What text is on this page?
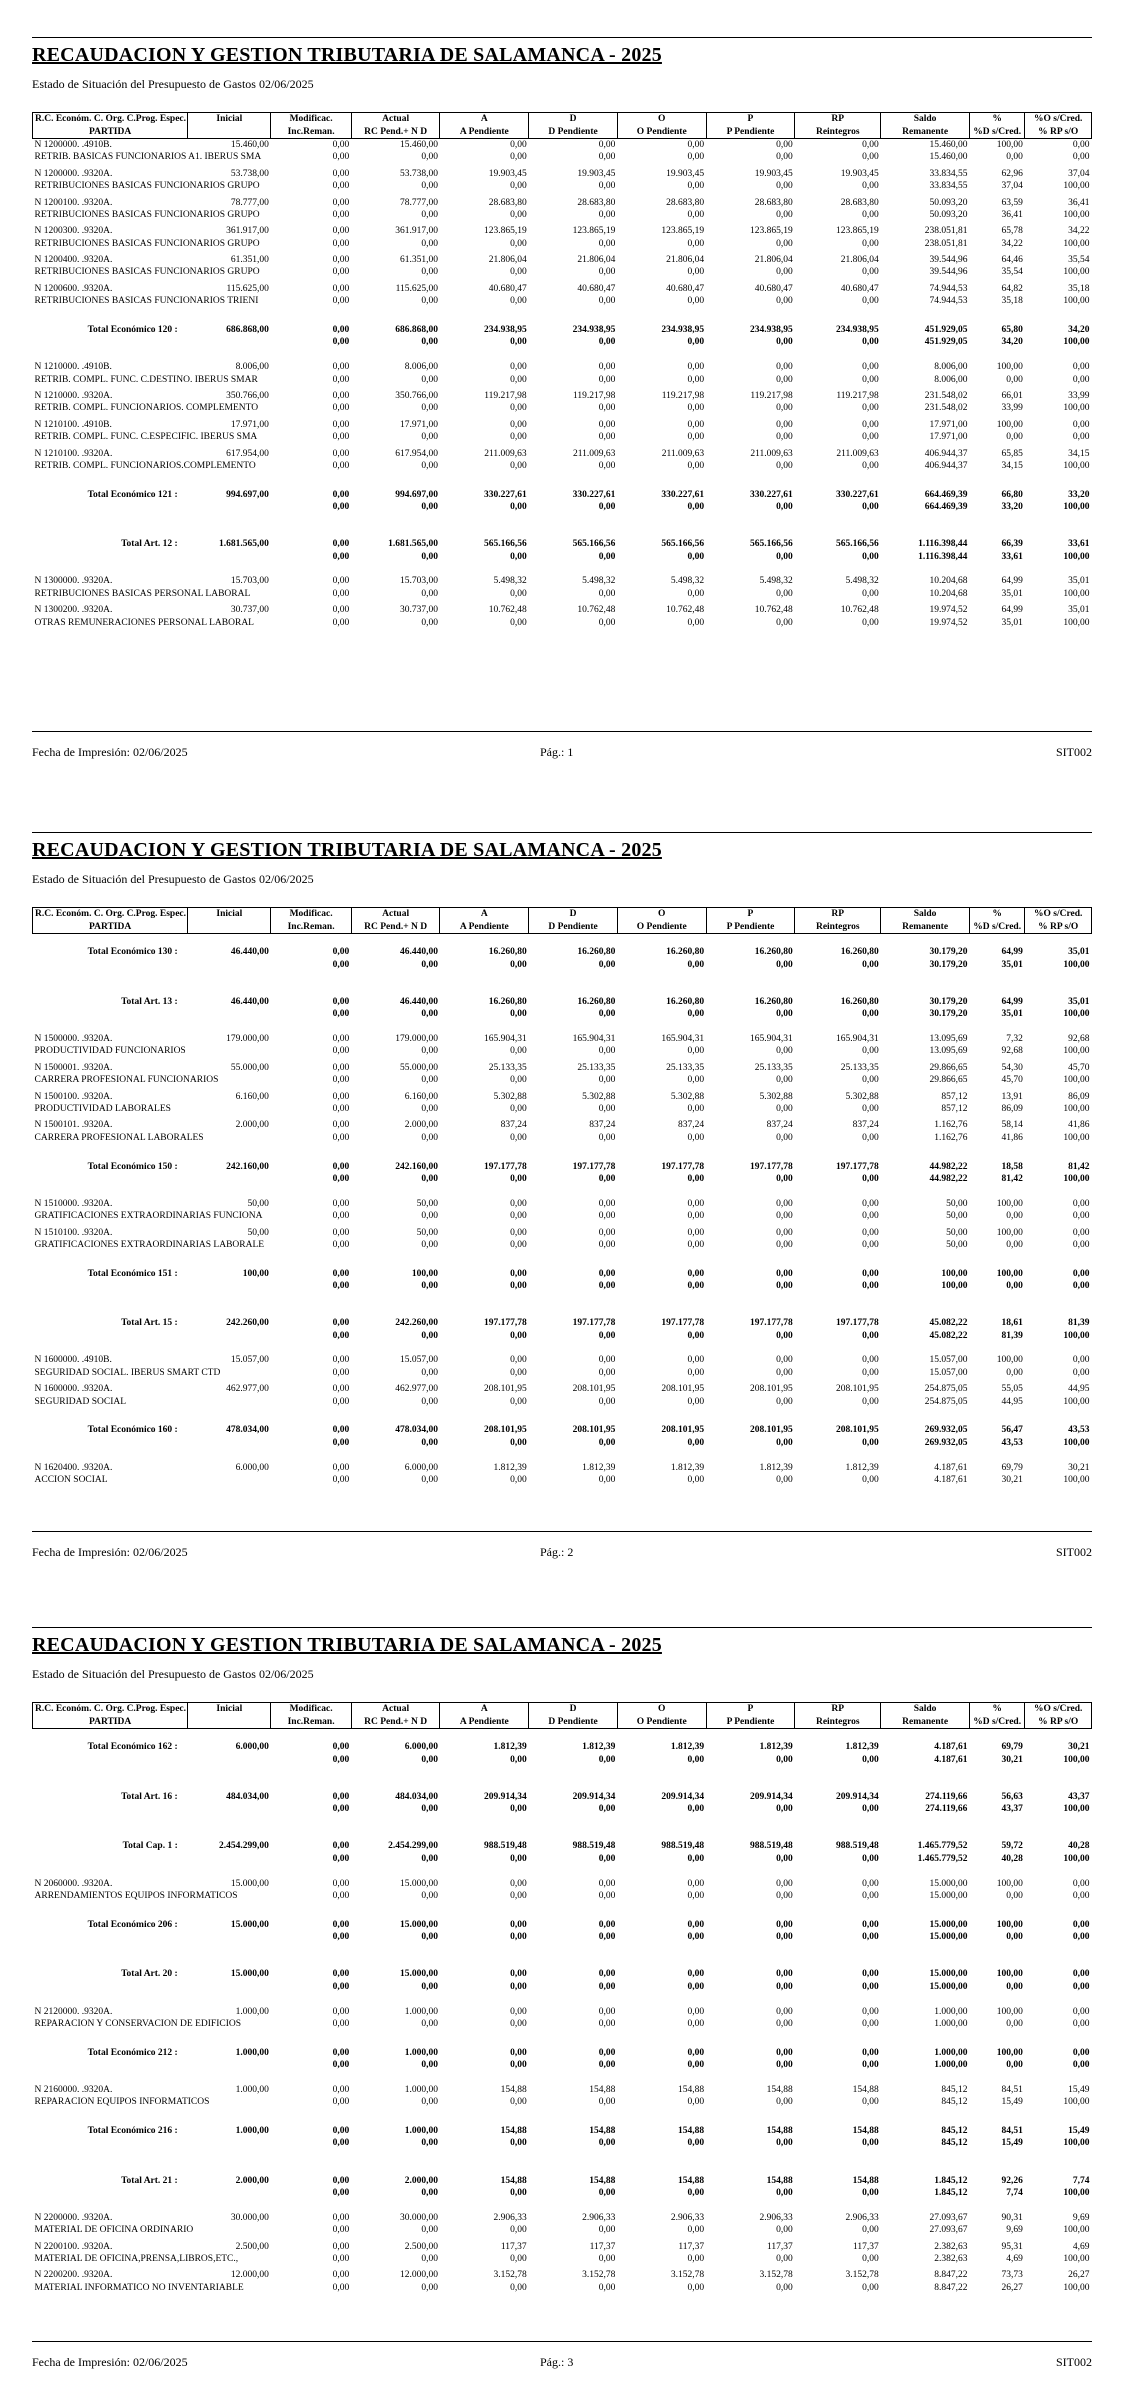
RECAUDACION Y GESTION TRIBUTARIA DE SALAMANCA - 2025
Estado de Situación del Presupuesto de Gastos 02/06/2025
R.C. Económ. C. Org. C.Prog. Espec.	Inicial	Modificac.	Actual	A	D	O	P	RP	Saldo	%	%O s/Cred.
PARTIDA		Inc.Reman.	RC Pend.+ N D	A Pendiente	D Pendiente	O Pendiente	P Pendiente	Reintegros	Remanente	%D s/Cred.	% RP s/O
N 1200000. .4910B.	15.460,00	0,00	15.460,00	0,00	0,00	0,00	0,00	0,00	15.460,00	100,00	0,00
RETRIB. BASICAS FUNCIONARIOS A1. IBERUS SMA		0,00	0,00	0,00	0,00	0,00	0,00	0,00	15.460,00	0,00	0,00

N 1200000. .9320A.	53.738,00	0,00	53.738,00	19.903,45	19.903,45	19.903,45	19.903,45	19.903,45	33.834,55	62,96	37,04
RETRIBUCIONES BASICAS FUNCIONARIOS GRUPO		0,00	0,00	0,00	0,00	0,00	0,00	0,00	33.834,55	37,04	100,00

N 1200100. .9320A.	78.777,00	0,00	78.777,00	28.683,80	28.683,80	28.683,80	28.683,80	28.683,80	50.093,20	63,59	36,41
RETRIBUCIONES BASICAS FUNCIONARIOS GRUPO		0,00	0,00	0,00	0,00	0,00	0,00	0,00	50.093,20	36,41	100,00

N 1200300. .9320A.	361.917,00	0,00	361.917,00	123.865,19	123.865,19	123.865,19	123.865,19	123.865,19	238.051,81	65,78	34,22
RETRIBUCIONES BASICAS FUNCIONARIOS GRUPO		0,00	0,00	0,00	0,00	0,00	0,00	0,00	238.051,81	34,22	100,00

N 1200400. .9320A.	61.351,00	0,00	61.351,00	21.806,04	21.806,04	21.806,04	21.806,04	21.806,04	39.544,96	64,46	35,54
RETRIBUCIONES BASICAS FUNCIONARIOS GRUPO		0,00	0,00	0,00	0,00	0,00	0,00	0,00	39.544,96	35,54	100,00

N 1200600. .9320A.	115.625,00	0,00	115.625,00	40.680,47	40.680,47	40.680,47	40.680,47	40.680,47	74.944,53	64,82	35,18
RETRIBUCIONES BASICAS FUNCIONARIOS TRIENI		0,00	0,00	0,00	0,00	0,00	0,00	0,00	74.944,53	35,18	100,00

Total Económico 120 :	686.868,00	0,00	686.868,00	234.938,95	234.938,95	234.938,95	234.938,95	234.938,95	451.929,05	65,80	34,20
		0,00	0,00	0,00	0,00	0,00	0,00	0,00	451.929,05	34,20	100,00

N 1210000. .4910B.	8.006,00	0,00	8.006,00	0,00	0,00	0,00	0,00	0,00	8.006,00	100,00	0,00
RETRIB. COMPL. FUNC. C.DESTINO. IBERUS SMAR		0,00	0,00	0,00	0,00	0,00	0,00	0,00	8.006,00	0,00	0,00

N 1210000. .9320A.	350.766,00	0,00	350.766,00	119.217,98	119.217,98	119.217,98	119.217,98	119.217,98	231.548,02	66,01	33,99
RETRIB. COMPL. FUNCIONARIOS. COMPLEMENTO		0,00	0,00	0,00	0,00	0,00	0,00	0,00	231.548,02	33,99	100,00

N 1210100. .4910B.	17.971,00	0,00	17.971,00	0,00	0,00	0,00	0,00	0,00	17.971,00	100,00	0,00
RETRIB. COMPL. FUNC. C.ESPECIFIC. IBERUS SMA		0,00	0,00	0,00	0,00	0,00	0,00	0,00	17.971,00	0,00	0,00

N 1210100. .9320A.	617.954,00	0,00	617.954,00	211.009,63	211.009,63	211.009,63	211.009,63	211.009,63	406.944,37	65,85	34,15
RETRIB. COMPL. FUNCIONARIOS.COMPLEMENTO		0,00	0,00	0,00	0,00	0,00	0,00	0,00	406.944,37	34,15	100,00

Total Económico 121 :	994.697,00	0,00	994.697,00	330.227,61	330.227,61	330.227,61	330.227,61	330.227,61	664.469,39	66,80	33,20
		0,00	0,00	0,00	0,00	0,00	0,00	0,00	664.469,39	33,20	100,00

Total Art. 12 :	1.681.565,00	0,00	1.681.565,00	565.166,56	565.166,56	565.166,56	565.166,56	565.166,56	1.116.398,44	66,39	33,61
		0,00	0,00	0,00	0,00	0,00	0,00	0,00	1.116.398,44	33,61	100,00

N 1300000. .9320A.	15.703,00	0,00	15.703,00	5.498,32	5.498,32	5.498,32	5.498,32	5.498,32	10.204,68	64,99	35,01
RETRIBUCIONES BASICAS PERSONAL LABORAL		0,00	0,00	0,00	0,00	0,00	0,00	0,00	10.204,68	35,01	100,00

N 1300200. .9320A.	30.737,00	0,00	30.737,00	10.762,48	10.762,48	10.762,48	10.762,48	10.762,48	19.974,52	64,99	35,01
OTRAS REMUNERACIONES PERSONAL LABORAL		0,00	0,00	0,00	0,00	0,00	0,00	0,00	19.974,52	35,01	100,00

Fecha de Impresión: 02/06/2025	Pág.: 1	SIT002
RECAUDACION Y GESTION TRIBUTARIA DE SALAMANCA - 2025
Estado de Situación del Presupuesto de Gastos 02/06/2025
R.C. Económ. C. Org. C.Prog. Espec.	Inicial	Modificac.	Actual	A	D	O	P	RP	Saldo	%	%O s/Cred.
PARTIDA		Inc.Reman.	RC Pend.+ N D	A Pendiente	D Pendiente	O Pendiente	P Pendiente	Reintegros	Remanente	%D s/Cred.	% RP s/O

Total Económico 130 :	46.440,00	0,00	46.440,00	16.260,80	16.260,80	16.260,80	16.260,80	16.260,80	30.179,20	64,99	35,01
		0,00	0,00	0,00	0,00	0,00	0,00	0,00	30.179,20	35,01	100,00

Total Art. 13 :	46.440,00	0,00	46.440,00	16.260,80	16.260,80	16.260,80	16.260,80	16.260,80	30.179,20	64,99	35,01
		0,00	0,00	0,00	0,00	0,00	0,00	0,00	30.179,20	35,01	100,00

N 1500000. .9320A.	179.000,00	0,00	179.000,00	165.904,31	165.904,31	165.904,31	165.904,31	165.904,31	13.095,69	7,32	92,68
PRODUCTIVIDAD FUNCIONARIOS		0,00	0,00	0,00	0,00	0,00	0,00	0,00	13.095,69	92,68	100,00

N 1500001. .9320A.	55.000,00	0,00	55.000,00	25.133,35	25.133,35	25.133,35	25.133,35	25.133,35	29.866,65	54,30	45,70
CARRERA PROFESIONAL FUNCIONARIOS		0,00	0,00	0,00	0,00	0,00	0,00	0,00	29.866,65	45,70	100,00

N 1500100. .9320A.	6.160,00	0,00	6.160,00	5.302,88	5.302,88	5.302,88	5.302,88	5.302,88	857,12	13,91	86,09
PRODUCTIVIDAD LABORALES		0,00	0,00	0,00	0,00	0,00	0,00	0,00	857,12	86,09	100,00

N 1500101. .9320A.	2.000,00	0,00	2.000,00	837,24	837,24	837,24	837,24	837,24	1.162,76	58,14	41,86
CARRERA PROFESIONAL LABORALES		0,00	0,00	0,00	0,00	0,00	0,00	0,00	1.162,76	41,86	100,00

Total Económico 150 :	242.160,00	0,00	242.160,00	197.177,78	197.177,78	197.177,78	197.177,78	197.177,78	44.982,22	18,58	81,42
		0,00	0,00	0,00	0,00	0,00	0,00	0,00	44.982,22	81,42	100,00

N 1510000. .9320A.	50,00	0,00	50,00	0,00	0,00	0,00	0,00	0,00	50,00	100,00	0,00
GRATIFICACIONES EXTRAORDINARIAS FUNCIONA		0,00	0,00	0,00	0,00	0,00	0,00	0,00	50,00	0,00	0,00

N 1510100. .9320A.	50,00	0,00	50,00	0,00	0,00	0,00	0,00	0,00	50,00	100,00	0,00
GRATIFICACIONES EXTRAORDINARIAS LABORALE		0,00	0,00	0,00	0,00	0,00	0,00	0,00	50,00	0,00	0,00

Total Económico 151 :	100,00	0,00	100,00	0,00	0,00	0,00	0,00	0,00	100,00	100,00	0,00
		0,00	0,00	0,00	0,00	0,00	0,00	0,00	100,00	0,00	0,00

Total Art. 15 :	242.260,00	0,00	242.260,00	197.177,78	197.177,78	197.177,78	197.177,78	197.177,78	45.082,22	18,61	81,39
		0,00	0,00	0,00	0,00	0,00	0,00	0,00	45.082,22	81,39	100,00

N 1600000. .4910B.	15.057,00	0,00	15.057,00	0,00	0,00	0,00	0,00	0,00	15.057,00	100,00	0,00
SEGURIDAD SOCIAL. IBERUS SMART CTD		0,00	0,00	0,00	0,00	0,00	0,00	0,00	15.057,00	0,00	0,00

N 1600000. .9320A.	462.977,00	0,00	462.977,00	208.101,95	208.101,95	208.101,95	208.101,95	208.101,95	254.875,05	55,05	44,95
SEGURIDAD SOCIAL		0,00	0,00	0,00	0,00	0,00	0,00	0,00	254.875,05	44,95	100,00

Total Económico 160 :	478.034,00	0,00	478.034,00	208.101,95	208.101,95	208.101,95	208.101,95	208.101,95	269.932,05	56,47	43,53
		0,00	0,00	0,00	0,00	0,00	0,00	0,00	269.932,05	43,53	100,00

N 1620400. .9320A.	6.000,00	0,00	6.000,00	1.812,39	1.812,39	1.812,39	1.812,39	1.812,39	4.187,61	69,79	30,21
ACCION SOCIAL		0,00	0,00	0,00	0,00	0,00	0,00	0,00	4.187,61	30,21	100,00

Fecha de Impresión: 02/06/2025	Pág.: 2	SIT002
RECAUDACION Y GESTION TRIBUTARIA DE SALAMANCA - 2025
Estado de Situación del Presupuesto de Gastos 02/06/2025
R.C. Económ. C. Org. C.Prog. Espec.	Inicial	Modificac.	Actual	A	D	O	P	RP	Saldo	%	%O s/Cred.
PARTIDA		Inc.Reman.	RC Pend.+ N D	A Pendiente	D Pendiente	O Pendiente	P Pendiente	Reintegros	Remanente	%D s/Cred.	% RP s/O

Total Económico 162 :	6.000,00	0,00	6.000,00	1.812,39	1.812,39	1.812,39	1.812,39	1.812,39	4.187,61	69,79	30,21
		0,00	0,00	0,00	0,00	0,00	0,00	0,00	4.187,61	30,21	100,00

Total Art. 16 :	484.034,00	0,00	484.034,00	209.914,34	209.914,34	209.914,34	209.914,34	209.914,34	274.119,66	56,63	43,37
		0,00	0,00	0,00	0,00	0,00	0,00	0,00	274.119,66	43,37	100,00

Total Cap. 1 :	2.454.299,00	0,00	2.454.299,00	988.519,48	988.519,48	988.519,48	988.519,48	988.519,48	1.465.779,52	59,72	40,28
		0,00	0,00	0,00	0,00	0,00	0,00	0,00	1.465.779,52	40,28	100,00

N 2060000. .9320A.	15.000,00	0,00	15.000,00	0,00	0,00	0,00	0,00	0,00	15.000,00	100,00	0,00
ARRENDAMIENTOS EQUIPOS INFORMATICOS		0,00	0,00	0,00	0,00	0,00	0,00	0,00	15.000,00	0,00	0,00

Total Económico 206 :	15.000,00	0,00	15.000,00	0,00	0,00	0,00	0,00	0,00	15.000,00	100,00	0,00
		0,00	0,00	0,00	0,00	0,00	0,00	0,00	15.000,00	0,00	0,00

Total Art. 20 :	15.000,00	0,00	15.000,00	0,00	0,00	0,00	0,00	0,00	15.000,00	100,00	0,00
		0,00	0,00	0,00	0,00	0,00	0,00	0,00	15.000,00	0,00	0,00

N 2120000. .9320A.	1.000,00	0,00	1.000,00	0,00	0,00	0,00	0,00	0,00	1.000,00	100,00	0,00
REPARACION Y CONSERVACION DE EDIFICIOS		0,00	0,00	0,00	0,00	0,00	0,00	0,00	1.000,00	0,00	0,00

Total Económico 212 :	1.000,00	0,00	1.000,00	0,00	0,00	0,00	0,00	0,00	1.000,00	100,00	0,00
		0,00	0,00	0,00	0,00	0,00	0,00	0,00	1.000,00	0,00	0,00

N 2160000. .9320A.	1.000,00	0,00	1.000,00	154,88	154,88	154,88	154,88	154,88	845,12	84,51	15,49
REPARACION EQUIPOS INFORMATICOS		0,00	0,00	0,00	0,00	0,00	0,00	0,00	845,12	15,49	100,00

Total Económico 216 :	1.000,00	0,00	1.000,00	154,88	154,88	154,88	154,88	154,88	845,12	84,51	15,49
		0,00	0,00	0,00	0,00	0,00	0,00	0,00	845,12	15,49	100,00

Total Art. 21 :	2.000,00	0,00	2.000,00	154,88	154,88	154,88	154,88	154,88	1.845,12	92,26	7,74
		0,00	0,00	0,00	0,00	0,00	0,00	0,00	1.845,12	7,74	100,00

N 2200000. .9320A.	30.000,00	0,00	30.000,00	2.906,33	2.906,33	2.906,33	2.906,33	2.906,33	27.093,67	90,31	9,69
MATERIAL DE OFICINA ORDINARIO		0,00	0,00	0,00	0,00	0,00	0,00	0,00	27.093,67	9,69	100,00

N 2200100. .9320A.	2.500,00	0,00	2.500,00	117,37	117,37	117,37	117,37	117,37	2.382,63	95,31	4,69
MATERIAL DE OFICINA,PRENSA,LIBROS,ETC.,		0,00	0,00	0,00	0,00	0,00	0,00	0,00	2.382,63	4,69	100,00

N 2200200. .9320A.	12.000,00	0,00	12.000,00	3.152,78	3.152,78	3.152,78	3.152,78	3.152,78	8.847,22	73,73	26,27
MATERIAL INFORMATICO NO INVENTARIABLE		0,00	0,00	0,00	0,00	0,00	0,00	0,00	8.847,22	26,27	100,00

Fecha de Impresión: 02/06/2025	Pág.: 3	SIT002
